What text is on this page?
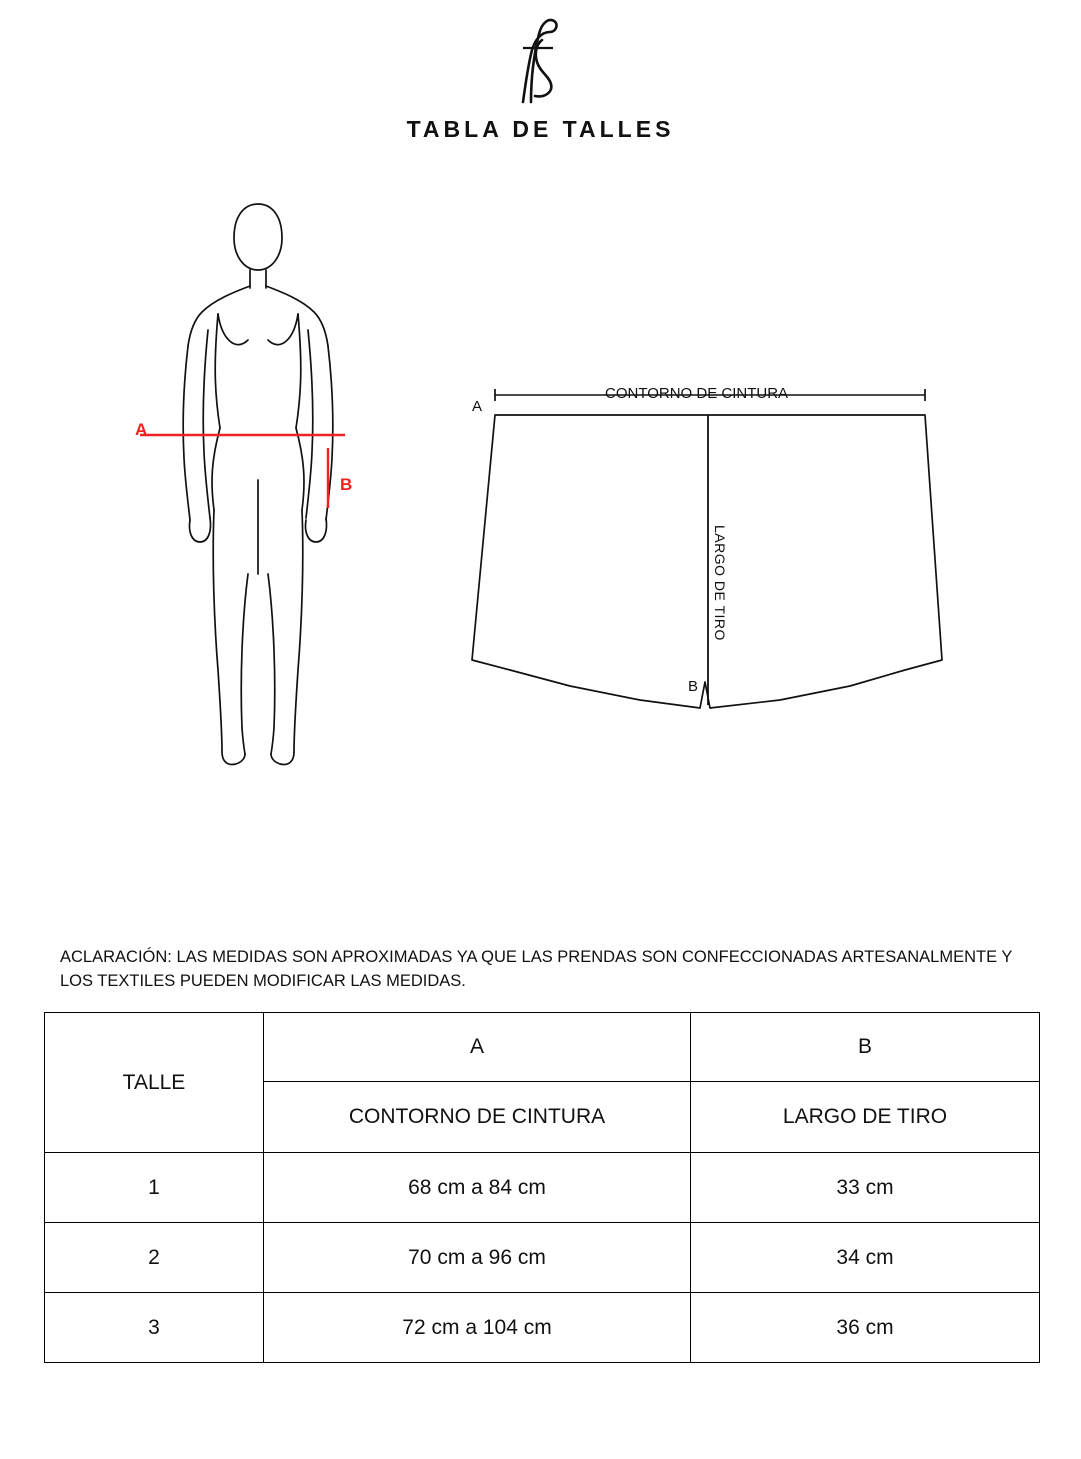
TABLA DE TALLES
A
B
A
CONTORNO DE CINTURA
LARGO DE TIRO
B
ACLARACIÓN: LAS MEDIDAS SON APROXIMADAS YA QUE LAS PRENDAS SON CONFECCIONADAS ARTESANALMENTE Y LOS TEXTILES PUEDEN MODIFICAR LAS MEDIDAS.
TALLE	A	B
	CONTORNO DE CINTURA	LARGO DE TIRO
1	68 cm a 84 cm	33 cm
2	70 cm a 96 cm	34 cm
3	72 cm a 104 cm	36 cm
